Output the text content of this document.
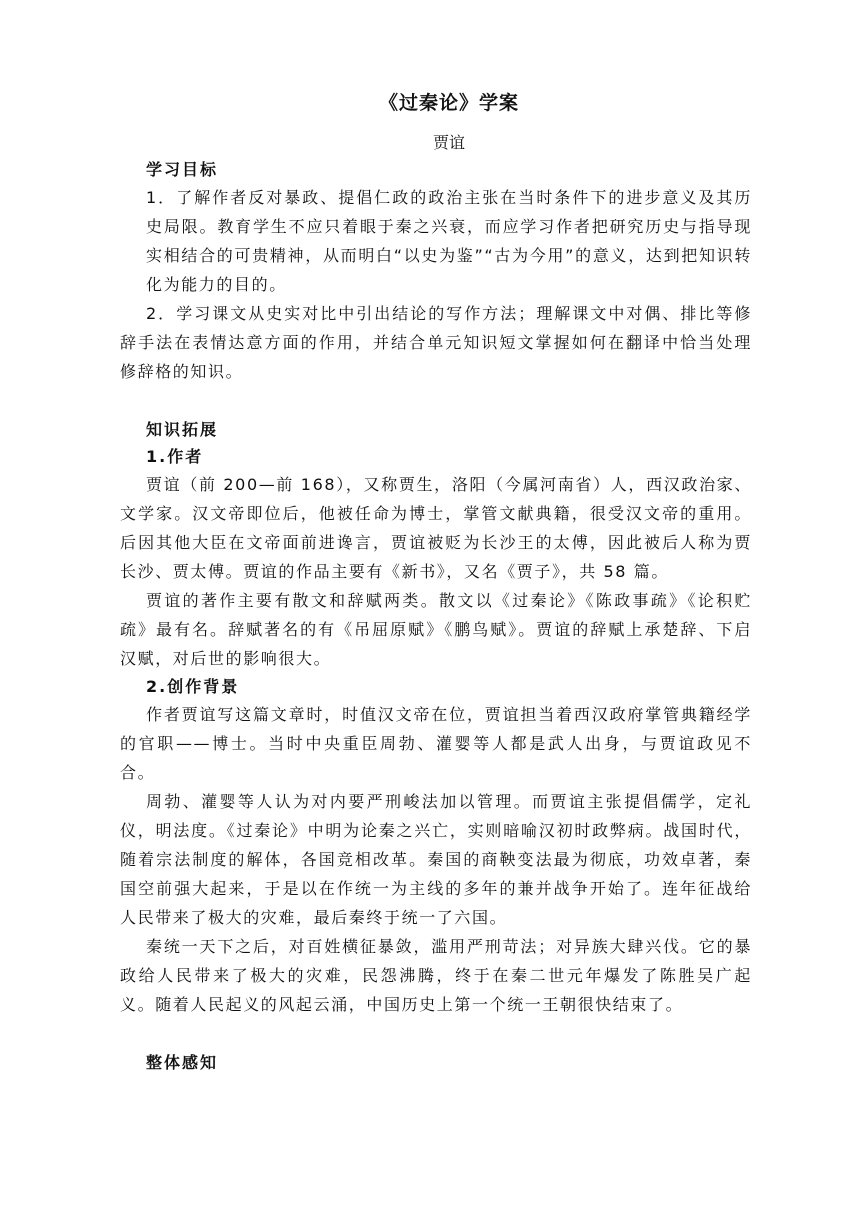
《过秦论》学案
贾谊
学习目标
1．了解作者反对暴政、提倡仁政的政治主张在当时条件下的进步意义及其历史局限。教育学生不应只着眼于秦之兴衰，而应学习作者把研究历史与指导现实相结合的可贵精神，从而明白“以史为鉴”“古为今用”的意义，达到把知识转化为能力的目的。
2．学习课文从史实对比中引出结论的写作方法；理解课文中对偶、排比等修辞手法在表情达意方面的作用，并结合单元知识短文掌握如何在翻译中恰当处理修辞格的知识。
知识拓展
1.作者
贾谊（前 200—前 168），又称贾生，洛阳（今属河南省）人，西汉政治家、文学家。汉文帝即位后，他被任命为博士，掌管文献典籍，很受汉文帝的重用。后因其他大臣在文帝面前进谗言，贾谊被贬为长沙王的太傅，因此被后人称为贾长沙、贾太傅。贾谊的作品主要有《新书》，又名《贾子》，共 58 篇。
贾谊的著作主要有散文和辞赋两类。散文以《过秦论》《陈政事疏》《论积贮疏》最有名。辞赋著名的有《吊屈原赋》《鹏鸟赋》。贾谊的辞赋上承楚辞、下启汉赋，对后世的影响很大。
2.创作背景
作者贾谊写这篇文章时，时值汉文帝在位，贾谊担当着西汉政府掌管典籍经学的官职——博士。当时中央重臣周勃、灌婴等人都是武人出身，与贾谊政见不合。
周勃、灌婴等人认为对内要严刑峻法加以管理。而贾谊主张提倡儒学，定礼仪，明法度。《过秦论》中明为论秦之兴亡，实则暗喻汉初时政弊病。战国时代，随着宗法制度的解体，各国竞相改革。秦国的商鞅变法最为彻底，功效卓著，秦国空前强大起来，于是以在作统一为主线的多年的兼并战争开始了。连年征战给人民带来了极大的灾难，最后秦终于统一了六国。
秦统一天下之后，对百姓横征暴敛，滥用严刑苛法；对异族大肆兴伐。它的暴政给人民带来了极大的灾难，民怨沸腾，终于在秦二世元年爆发了陈胜吴广起义。随着人民起义的风起云涌，中国历史上第一个统一王朝很快结束了。
整体感知
